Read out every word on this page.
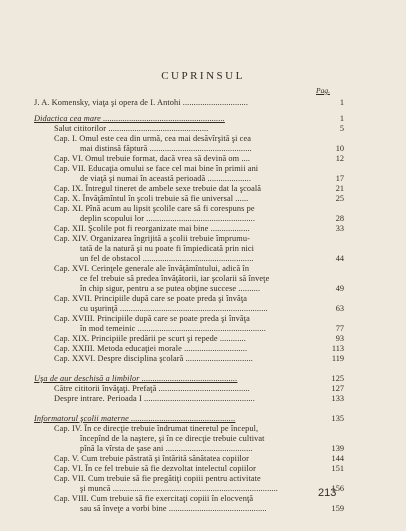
CUPRINSUL
Pag.
J. A. Komensky, viaţa şi opera de I. Antohi ..............................	1
Didactica cea mare ........................................................	1
Salut cititorilor ..............................................	5
Cap. I. Omul este cea din urmă, cea mai desăvîrşită şi cea
mai distinsă făptură ...............................................	10
Cap. VI. Omul trebuie format, dacă vrea să devină om ....	12
Cap. VII. Educaţia omului se face cel mai bine în primii ani
de viaţă şi numai în această perioadă ....................	17
Cap. IX. Întregul tineret de ambele sexe trebuie dat la şcoală	21
Cap. X. Învăţămîntul în şcoli trebuie să fie universal ......	25
Cap. XI. Pînă acum au lipsit şcolile care să fi corespuns pe
deplin scopului lor ..................................................	28
Cap. XII. Şcolile pot fi reorganizate mai bine ..................	33
Cap. XIV. Organizarea îngrijită a şcolii trebuie împrumu-
tată de la natură şi nu poate fi împiedicată prin nici
un fel de obstacol ...................................................	44
Cap. XVI. Cerinţele generale ale învăţămîntului, adică în
ce fel trebuie să predea învăţătorii, iar şcolarii să înveţe
în chip sigur, pentru a se putea obţine succese ..........	49
Cap. XVII. Principiile după care se poate preda şi învăţa
cu uşurinţă ....................................................................	63
Cap. XVIII. Principiile după care se poate preda şi învăţa
în mod temeinic ...........................................................	77
Cap. XIX. Principiile predării pe scurt şi repede ............	93
Cap. XXIII. Metoda educaţiei morale .............................	113
Cap. XXVI. Despre disciplina şcolară ...............................	119
Uşa de aur deschisă a limbilor ............................................	125
Către cititorii învăţaţi. Prefaţă ..........................................	127
Despre intrare. Perioada I ...................................................	133
Informatorul şcolii materne ................................................	135
Cap. IV. În ce direcţie trebuie îndrumat tineretul pe începul,
începînd de la naştere, şi în ce direcţie trebuie cultivat
pînă la vîrsta de şase ani ........................................	139
Cap. V. Cum trebuie păstrată şi întărită sănătatea copiilor	144
Cap. VI. În ce fel trebuie să fie dezvoltat intelectul copiilor	151
Cap. VII. Cum trebuie să fie pregătiţi copiii pentru activitate
şi muncă ............................................................................	156
Cap. VIII. Cum trebuie să fie exercitaţi copiii în elocvenţă
sau să înveţe a vorbi bine .............................................	159
213
